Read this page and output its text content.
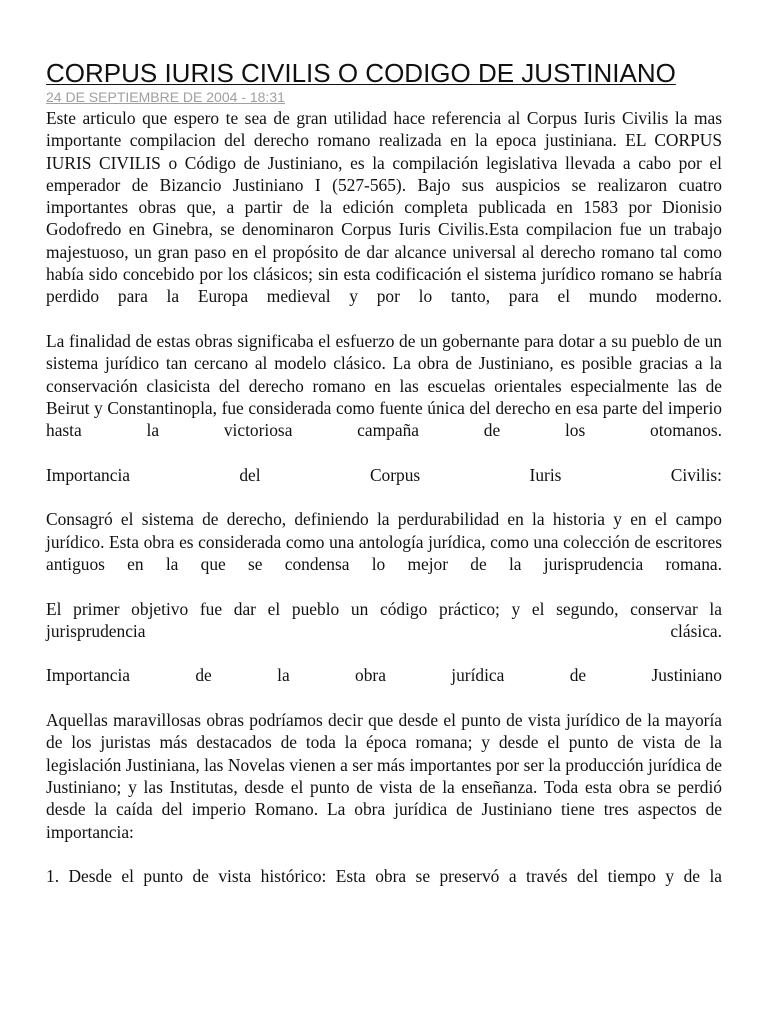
CORPUS IURIS CIVILIS O CODIGO DE JUSTINIANO
24 DE SEPTIEMBRE DE 2004 - 18:31

Este articulo que espero te sea de gran utilidad hace referencia al Corpus Iuris Civilis la mas importante compilacion del derecho romano realizada en la epoca justiniana. EL CORPUS IURIS CIVILIS o Código de Justiniano, es la compilación legislativa llevada a cabo por el emperador de Bizancio Justiniano I (527-565). Bajo sus auspicios se realizaron cuatro importantes obras que, a partir de la edición completa publicada en 1583 por Dionisio Godofredo en Ginebra, se denominaron Corpus Iuris Civilis.Esta compilacion fue un trabajo majestuoso, un gran paso en el propósito de dar alcance universal al derecho romano tal como había sido concebido por los clásicos; sin esta codificación el sistema jurídico romano se habría perdido para la Europa medieval y por lo tanto, para el mundo moderno.

La finalidad de estas obras significaba el esfuerzo de un gobernante para dotar a su pueblo de un sistema jurídico tan cercano al modelo clásico. La obra de Justiniano, es posible gracias a la conservación clasicista del derecho romano en las escuelas orientales especialmente las de Beirut y Constantinopla, fue considerada como fuente única del derecho en esa parte del imperio hasta la victoriosa campaña de los otomanos.

Importancia del Corpus Iuris Civilis:

Consagró el sistema de derecho, definiendo la perdurabilidad en la historia y en el campo jurídico. Esta obra es considerada como una antología jurídica, como una colección de escritores antiguos en la que se condensa lo mejor de la jurisprudencia romana.

El primer objetivo fue dar el pueblo un código práctico; y el segundo, conservar la jurisprudencia clásica.

Importancia de la obra jurídica de Justiniano

Aquellas maravillosas obras podríamos decir que desde el punto de vista jurídico de la mayoría de los juristas más destacados de toda la época romana; y desde el punto de vista de la legislación Justiniana, las Novelas vienen a ser más importantes por ser la producción jurídica de Justiniano; y las Institutas, desde el punto de vista de la enseñanza. Toda esta obra se perdió desde la caída del imperio Romano. La obra jurídica de Justiniano tiene tres aspectos de importancia:

1. Desde el punto de vista histórico: Esta obra se preservó a través del tiempo y de la
